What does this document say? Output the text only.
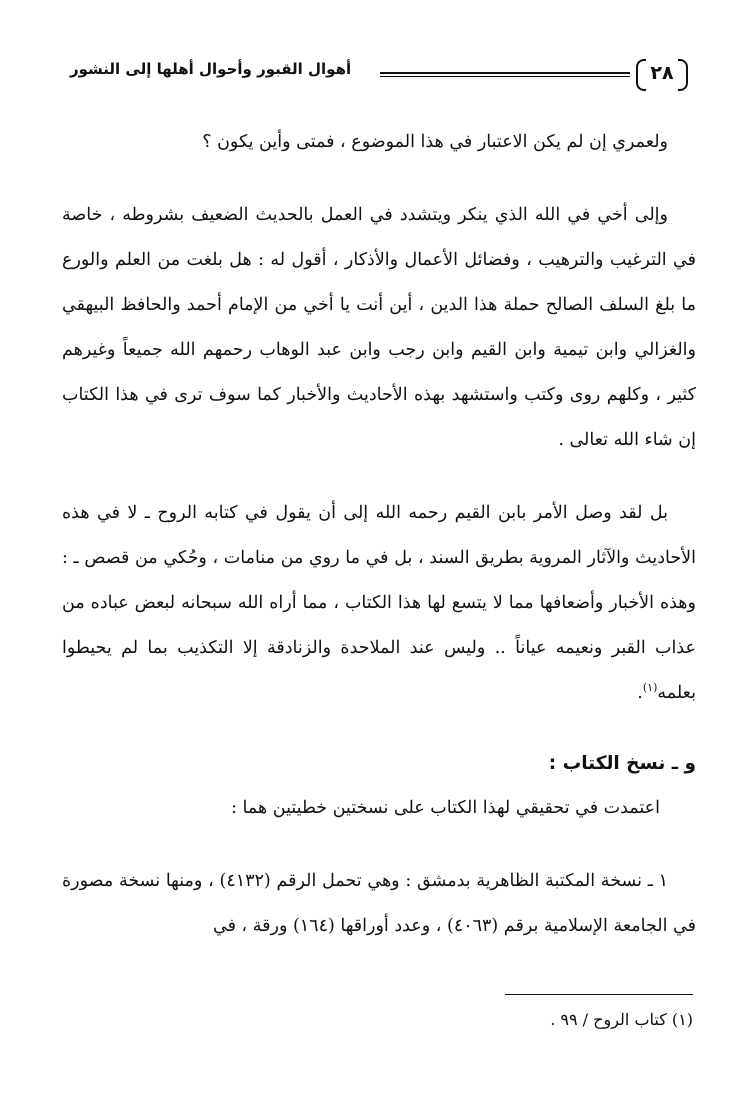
٢٨
أهوال القبور وأحوال أهلها إلى النشور

ولعمري إن لم يكن الاعتبار في هذا الموضوع ، فمتى وأين يكون ؟

وإلى أخي في الله الذي ينكر ويتشدد في العمل بالحديث الضعيف بشروطه ، خاصة في الترغيب والترهيب ، وفضائل الأعمال والأذكار ، أقول له : هل بلغت من العلم والورع ما بلغ السلف الصالح حملة هذا الدين ، أين أنت يا أخي من الإمام أحمد والحافظ البيهقي والغزالي وابن تيمية وابن القيم وابن رجب وابن عبد الوهاب رحمهم الله جميعاً وغيرهم كثير ، وكلهم روى وكتب واستشهد بهذه الأحاديث والأخبار كما سوف ترى في هذا الكتاب إن شاء الله تعالى .

بل لقد وصل الأمر بابن القيم رحمه الله إلى أن يقول في كتابه الروح ـ لا في هذه الأحاديث والآثار المروية بطريق السند ، بل في ما روي من منامات ، وحُكي من قصص ـ : وهذه الأخبار وأضعافها مما لا يتسع لها هذا الكتاب ، مما أراه الله سبحانه لبعض عباده من عذاب القبر ونعيمه عياناً .. وليس عند الملاحدة والزنادقة إلا التكذيب بما لم يحيطوا بعلمه$^{(١)}$.

و ـ نسخ الكتاب :

اعتمدت في تحقيقي لهذا الكتاب على نسختين خطيتين هما :

١ ـ نسخة المكتبة الظاهرية بدمشق : وهي تحمل الرقم (٤١٣٢) ، ومنها نسخة مصورة في الجامعة الإسلامية برقم (٤٠٦٣) ، وعدد أوراقها (١٦٤) ورقة ، في

(١) كتاب الروح / ٩٩ .
